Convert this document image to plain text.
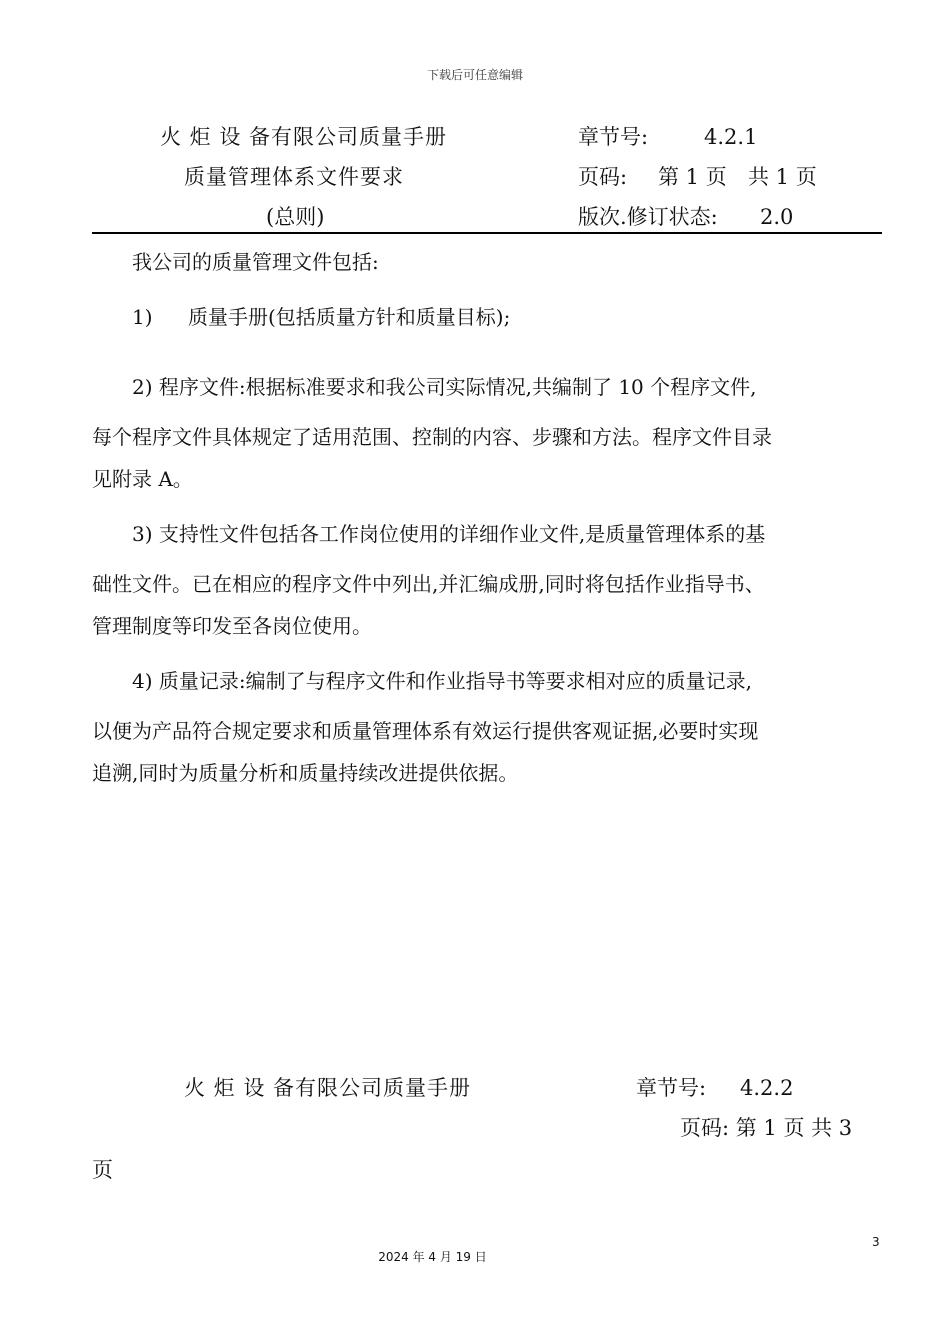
下载后可任意编辑
火 炬 设 备有限公司质量手册
质量管理体系文件要求
(总则)
章节号:	4.2.1
页码: 第 1 页 共 1 页
版次.修订状态: 2.0
我公司的质量管理文件包括:
1) 质量手册(包括质量方针和质量目标);
2) 程序文件:根据标准要求和我公司实际情况,共编制了 10 个程序文件,
每个程序文件具体规定了适用范围、控制的内容、步骤和方法。程序文件目录
见附录 A。
3) 支持性文件包括各工作岗位使用的详细作业文件,是质量管理体系的基
础性文件。已在相应的程序文件中列出,并汇编成册,同时将包括作业指导书、
管理制度等印发至各岗位使用。
4) 质量记录:编制了与程序文件和作业指导书等要求相对应的质量记录,
以便为产品符合规定要求和质量管理体系有效运行提供客观证据,必要时实现
追溯,同时为质量分析和质量持续改进提供依据。
火 炬 设 备有限公司质量手册	章节号: 4.2.2
页码: 第 1 页 共 3
页
3
2024 年 4 月 19 日
